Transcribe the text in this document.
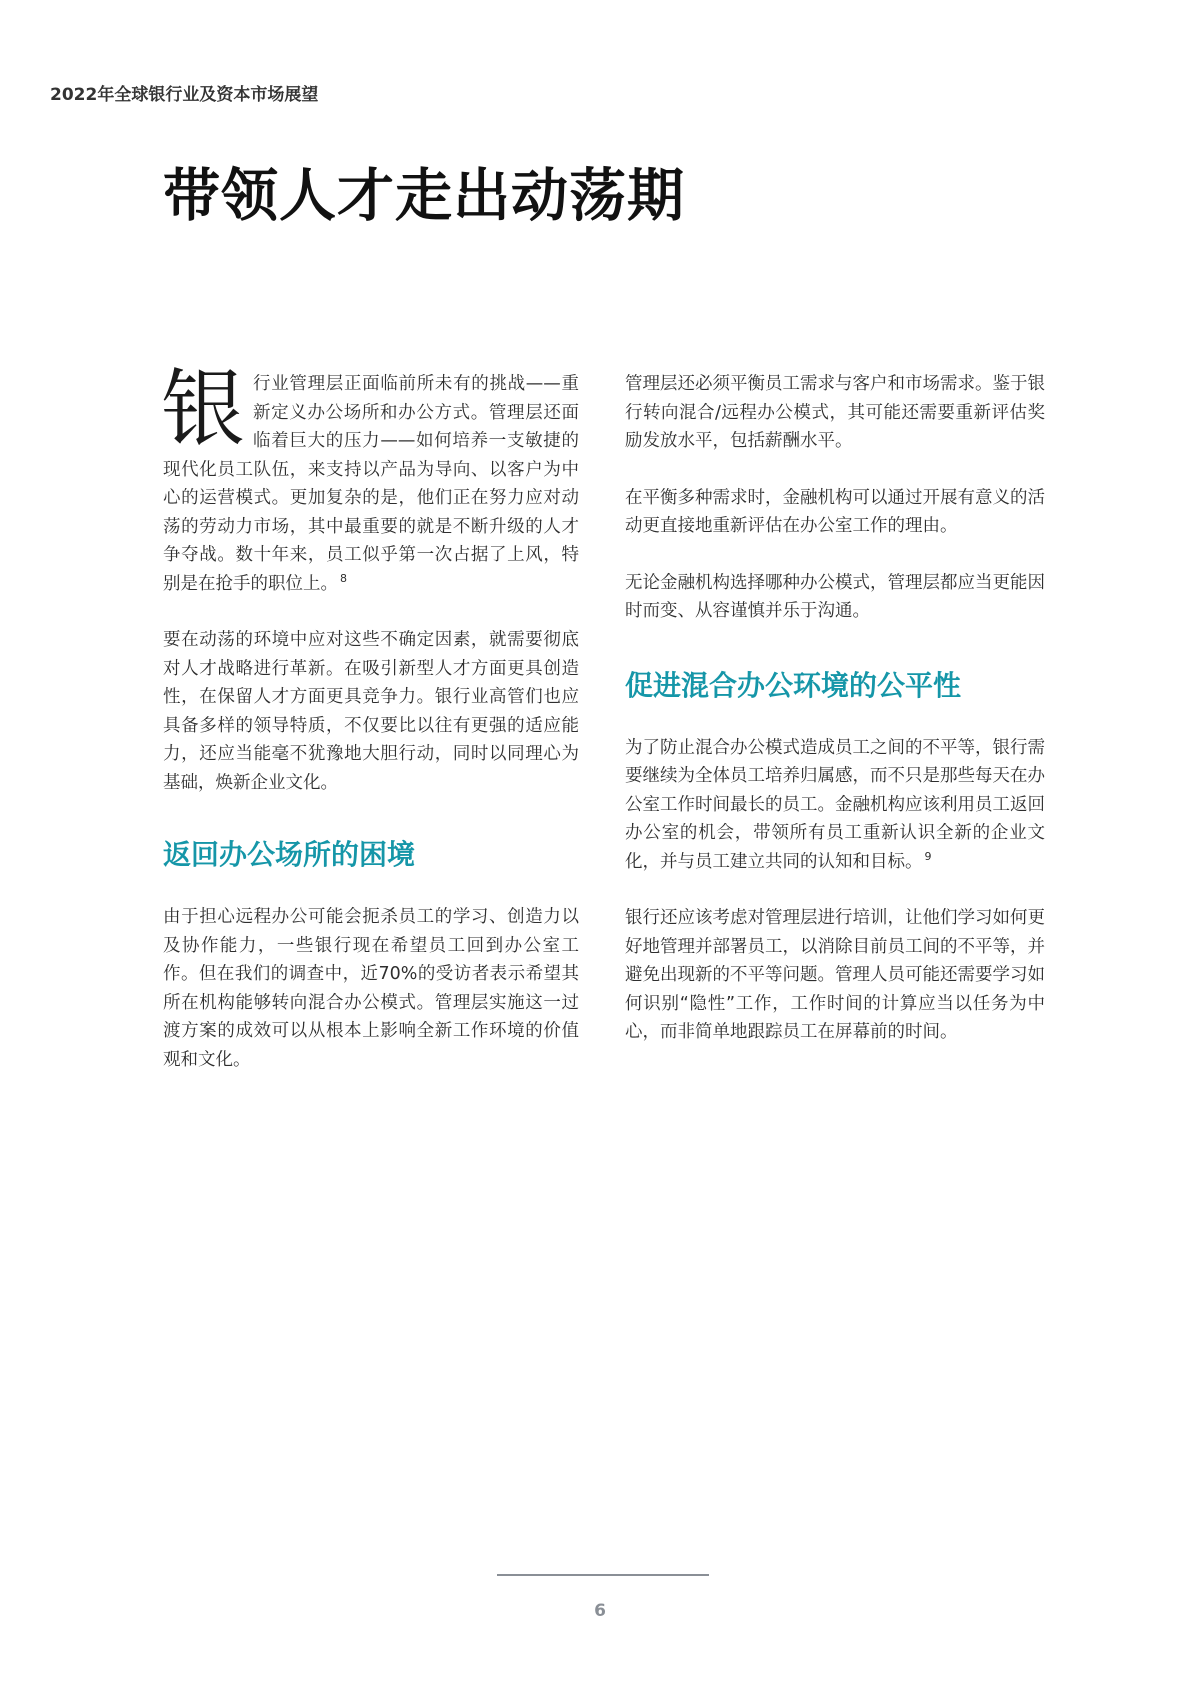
2022年全球银行业及资本市场展望
带领人才走出动荡期

银行业管理层正面临前所未有的挑战——重新定义办公场所和办公方式。管理层还面临着巨大的压力——如何培养一支敏捷的现代化员工队伍，来支持以产品为导向、以客户为中心的运营模式。更加复杂的是，他们正在努力应对动荡的劳动力市场，其中最重要的就是不断升级的人才争夺战。数十年来，员工似乎第一次占据了上风，特别是在抢手的职位上。 $^8$

要在动荡的环境中应对这些不确定因素，就需要彻底对人才战略进行革新。在吸引新型人才方面更具创造性，在保留人才方面更具竞争力。银行业高管们也应具备多样的领导特质，不仅要比以往有更强的适应能力，还应当能毫不犹豫地大胆行动，同时以同理心为基础，焕新企业文化。

返回办公场所的困境

由于担心远程办公可能会扼杀员工的学习、创造力以及协作能力，一些银行现在希望员工回到办公室工作。但在我们的调查中，近70%的受访者表示希望其所在机构能够转向混合办公模式。管理层实施这一过渡方案的成效可以从根本上影响全新工作环境的价值观和文化。

管理层还必须平衡员工需求与客户和市场需求。鉴于银行转向混合/远程办公模式，其可能还需要重新评估奖励发放水平，包括薪酬水平。

在平衡多种需求时，金融机构可以通过开展有意义的活动更直接地重新评估在办公室工作的理由。

无论金融机构选择哪种办公模式，管理层都应当更能因时而变、从容谨慎并乐于沟通。

促进混合办公环境的公平性

为了防止混合办公模式造成员工之间的不平等，银行需要继续为全体员工培养归属感，而不只是那些每天在办公室工作时间最长的员工。金融机构应该利用员工返回办公室的机会，带领所有员工重新认识全新的企业文化，并与员工建立共同的认知和目标。 $^9$

银行还应该考虑对管理层进行培训，让他们学习如何更好地管理并部署员工，以消除目前员工间的不平等，并避免出现新的不平等问题。管理人员可能还需要学习如何识别“隐性”工作，工作时间的计算应当以任务为中心，而非简单地跟踪员工在屏幕前的时间。

6
